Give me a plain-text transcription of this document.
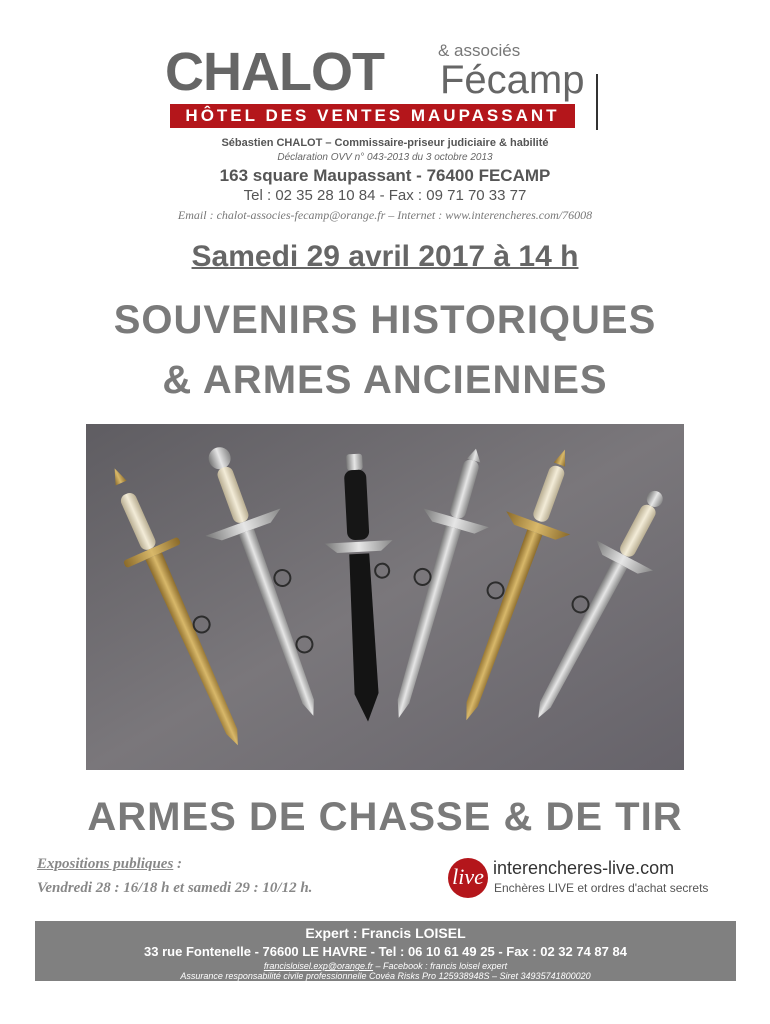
CHALOT	& associés
Fécamp
HÔTEL DES VENTES MAUPASSANT
Sébastien CHALOT – Commissaire-priseur judiciaire & habilité
Déclaration OVV n° 043-2013 du 3 octobre 2013
163 square Maupassant - 76400 FECAMP
Tel : 02 35 28 10 84 - Fax : 09 71 70 33 77
Email : chalot-associes-fecamp@orange.fr – Internet : www.interencheres.com/76008
Samedi 29 avril 2017 à 14 h
SOUVENIRS HISTORIQUES
& ARMES ANCIENNES
ARMES DE CHASSE & DE TIR
Expositions publiques :
Vendredi 28 : 16/18 h et samedi 29 : 10/12 h.	live interencheres-live.com
Enchères LIVE et ordres d'achat secrets
Expert : Francis LOISEL
33 rue Fontenelle - 76600 LE HAVRE - Tel : 06 10 61 49 25 - Fax : 02 32 74 87 84
francisloisel.exp@orange.fr – Facebook : francis loisel expert
Assurance responsabilité civile professionnelle Covéa Risks Pro 125938948S – Siret 34935741800020
